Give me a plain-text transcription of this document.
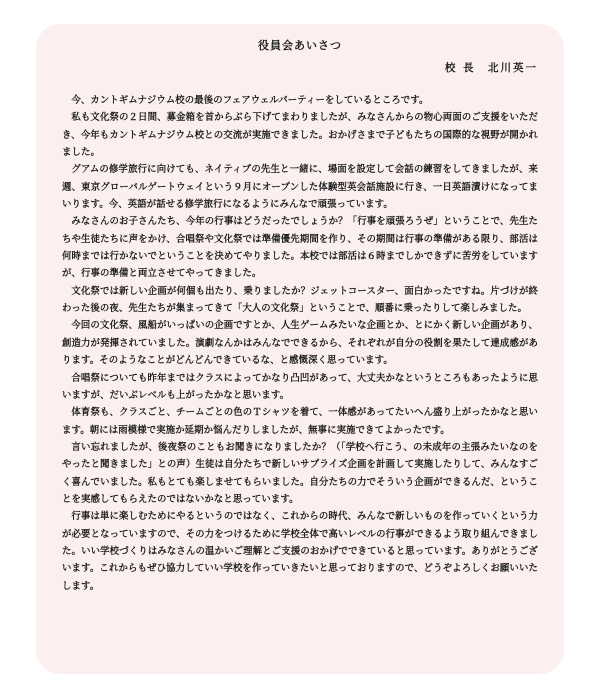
役員会あいさつ
校 長　北川英一

今、カントギムナジウム校の最後のフェアウェルパーティーをしているところです。

私も文化祭の２日間、募金箱を首からぶら下げてまわりましたが、みなさんからの物心両面のご支援をいただき、今年もカントギムナジウム校との交流が実施できました。おかげさまで子どもたちの国際的な視野が開かれました。

グアムの修学旅行に向けても、ネイティブの先生と一緒に、場面を設定して会話の練習をしてきましたが、来週、東京グローバルゲートウェイという９月にオープンした体験型英会話施設に行き、一日英語漬けになってまいります。今、英語が話せる修学旅行になるようにみんなで頑張っています。

みなさんのお子さんたち、今年の行事はどうだったでしょうか？「行事を頑張ろうぜ」ということで、先生たちや生徒たちに声をかけ、合唱祭や文化祭では準備優先期間を作り、その期間は行事の準備がある限り、部活は何時までは行かないでということを決めてやりました。本校では部活は６時までしかできずに苦労をしていますが、行事の準備と両立させてやってきました。

文化祭では新しい企画が何個も出たり、乗りましたか？ジェットコースター、面白かったですね。片づけが終わった後の夜、先生たちが集まってきて「大人の文化祭」ということで、順番に乗ったりして楽しみました。

今回の文化祭、風船がいっぱいの企画ですとか、人生ゲームみたいな企画とか、とにかく新しい企画があり、創造力が発揮されていました。演劇なんかはみんなでできるから、それぞれが自分の役割を果たして達成感があります。そのようなことがどんどんできているな、と感慨深く思っています。

合唱祭についても昨年まではクラスによってかなり凸凹があって、大丈夫かなというところもあったように思いますが、だいぶレベルも上がったかなと思います。

体育祭も、クラスごと、チームごとの色のＴシャツを着て、一体感があってたいへん盛り上がったかなと思います。朝には雨模様で実施か延期か悩んだりしましたが、無事に実施できてよかったです。

言い忘れましたが、後夜祭のこともお聞きになりましたか？（「学校へ行こう、の未成年の主張みたいなのをやったと聞きました」との声）生徒は自分たちで新しいサプライズ企画を計画して実施したりして、みんなすごく喜んでいました。私もとても楽しませてもらいました。自分たちの力でそういう企画ができるんだ、ということを実感してもらえたのではないかなと思っています。

行事は単に楽しむためにやるというのではなく、これからの時代、みんなで新しいものを作っていくという力が必要となっていますので、その力をつけるために学校全体で高いレベルの行事ができるよう取り組んできました。いい学校づくりはみなさんの温かいご理解とご支援のおかげでできていると思っています。ありがとうございます。これからもぜひ協力していい学校を作っていきたいと思っておりますので、どうぞよろしくお願いいたします。
